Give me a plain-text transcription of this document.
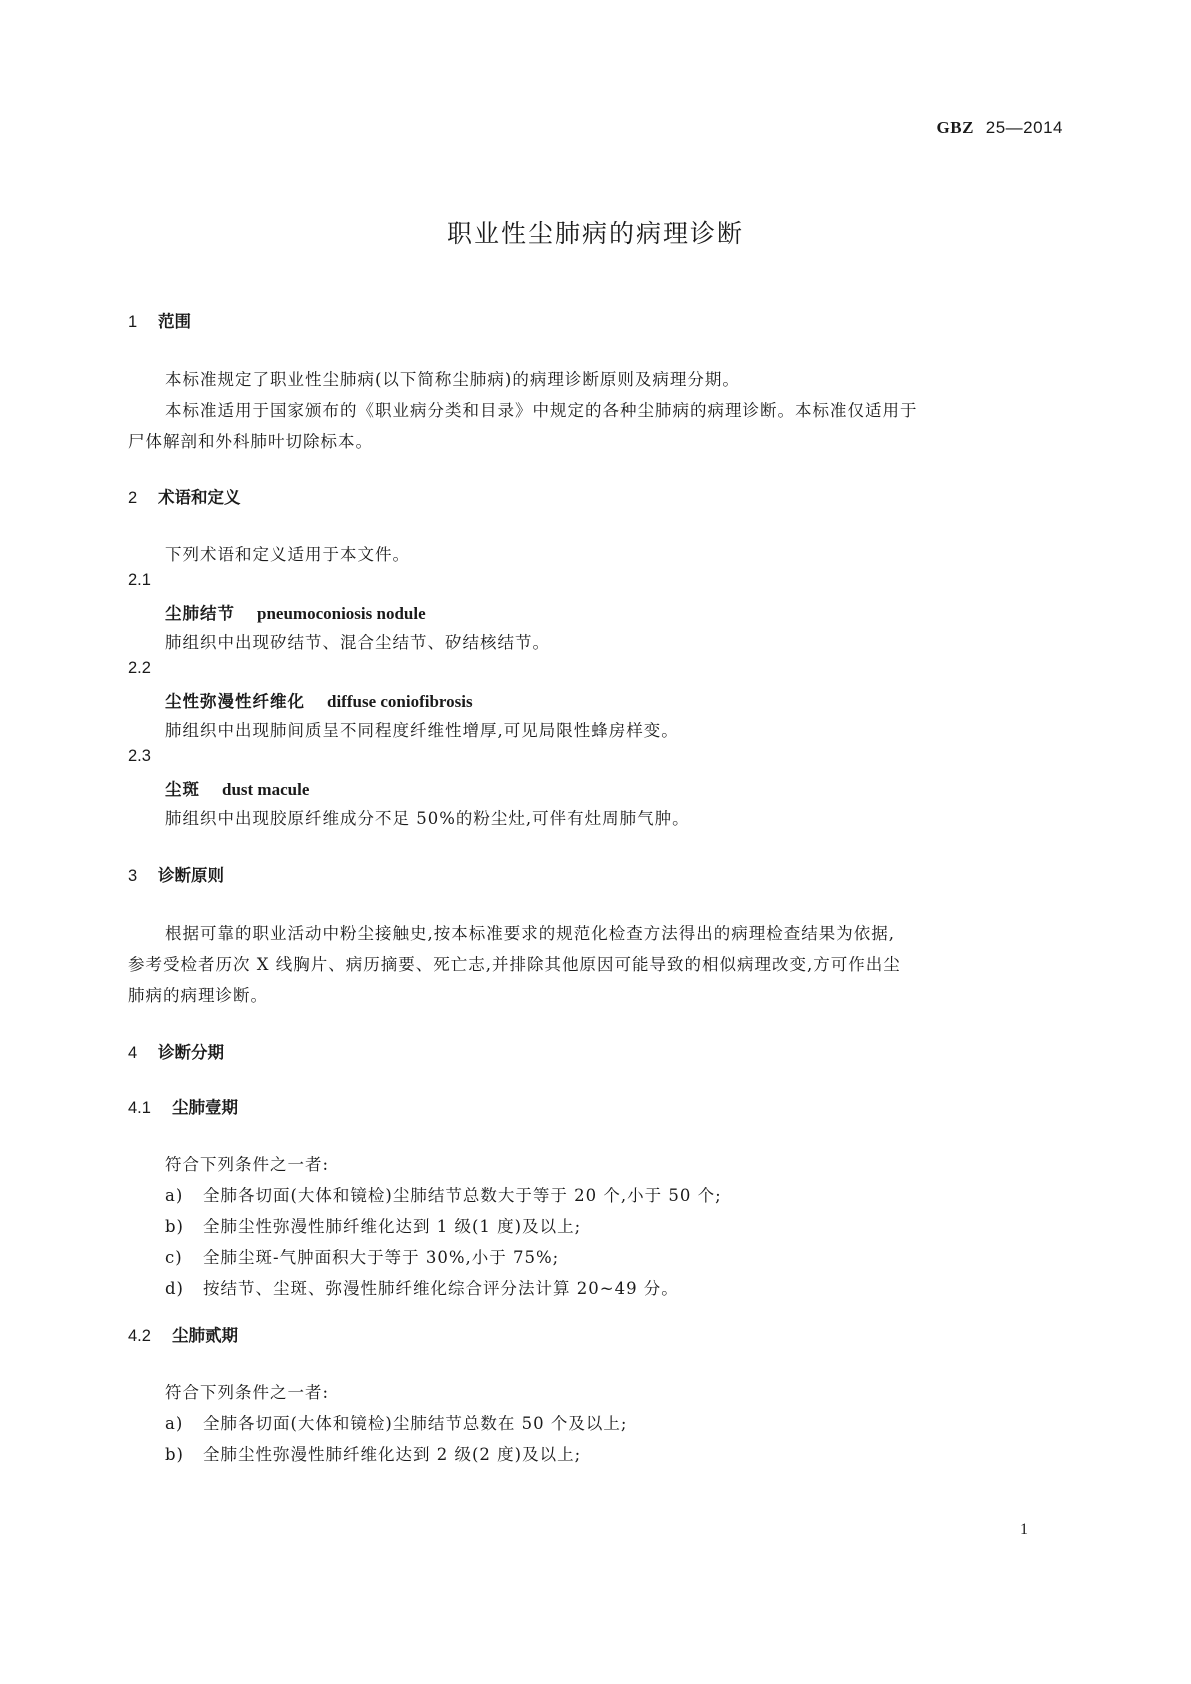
GBZ 25—2014
职业性尘肺病的病理诊断
1 范围
本标准规定了职业性尘肺病(以下简称尘肺病)的病理诊断原则及病理分期。
本标准适用于国家颁布的《职业病分类和目录》中规定的各种尘肺病的病理诊断。本标准仅适用于
尸体解剖和外科肺叶切除标本。
2 术语和定义
下列术语和定义适用于本文件。
2.1
尘肺结节 pneumoconiosis nodule
肺组织中出现矽结节、混合尘结节、矽结核结节。
2.2
尘性弥漫性纤维化 diffuse coniofibrosis
肺组织中出现肺间质呈不同程度纤维性增厚,可见局限性蜂房样变。
2.3
尘斑 dust macule
肺组织中出现胶原纤维成分不足 50%的粉尘灶,可伴有灶周肺气肿。
3 诊断原则
根据可靠的职业活动中粉尘接触史,按本标准要求的规范化检查方法得出的病理检查结果为依据,
参考受检者历次 X 线胸片、病历摘要、死亡志,并排除其他原因可能导致的相似病理改变,方可作出尘
肺病的病理诊断。
4 诊断分期
4.1 尘肺壹期
符合下列条件之一者:
a) 全肺各切面(大体和镜检)尘肺结节总数大于等于 20 个,小于 50 个;
b) 全肺尘性弥漫性肺纤维化达到 1 级(1 度)及以上;
c) 全肺尘斑-气肿面积大于等于 30%,小于 75%;
d) 按结节、尘斑、弥漫性肺纤维化综合评分法计算 20~49 分。
4.2 尘肺贰期
符合下列条件之一者:
a) 全肺各切面(大体和镜检)尘肺结节总数在 50 个及以上;
b) 全肺尘性弥漫性肺纤维化达到 2 级(2 度)及以上;
1
